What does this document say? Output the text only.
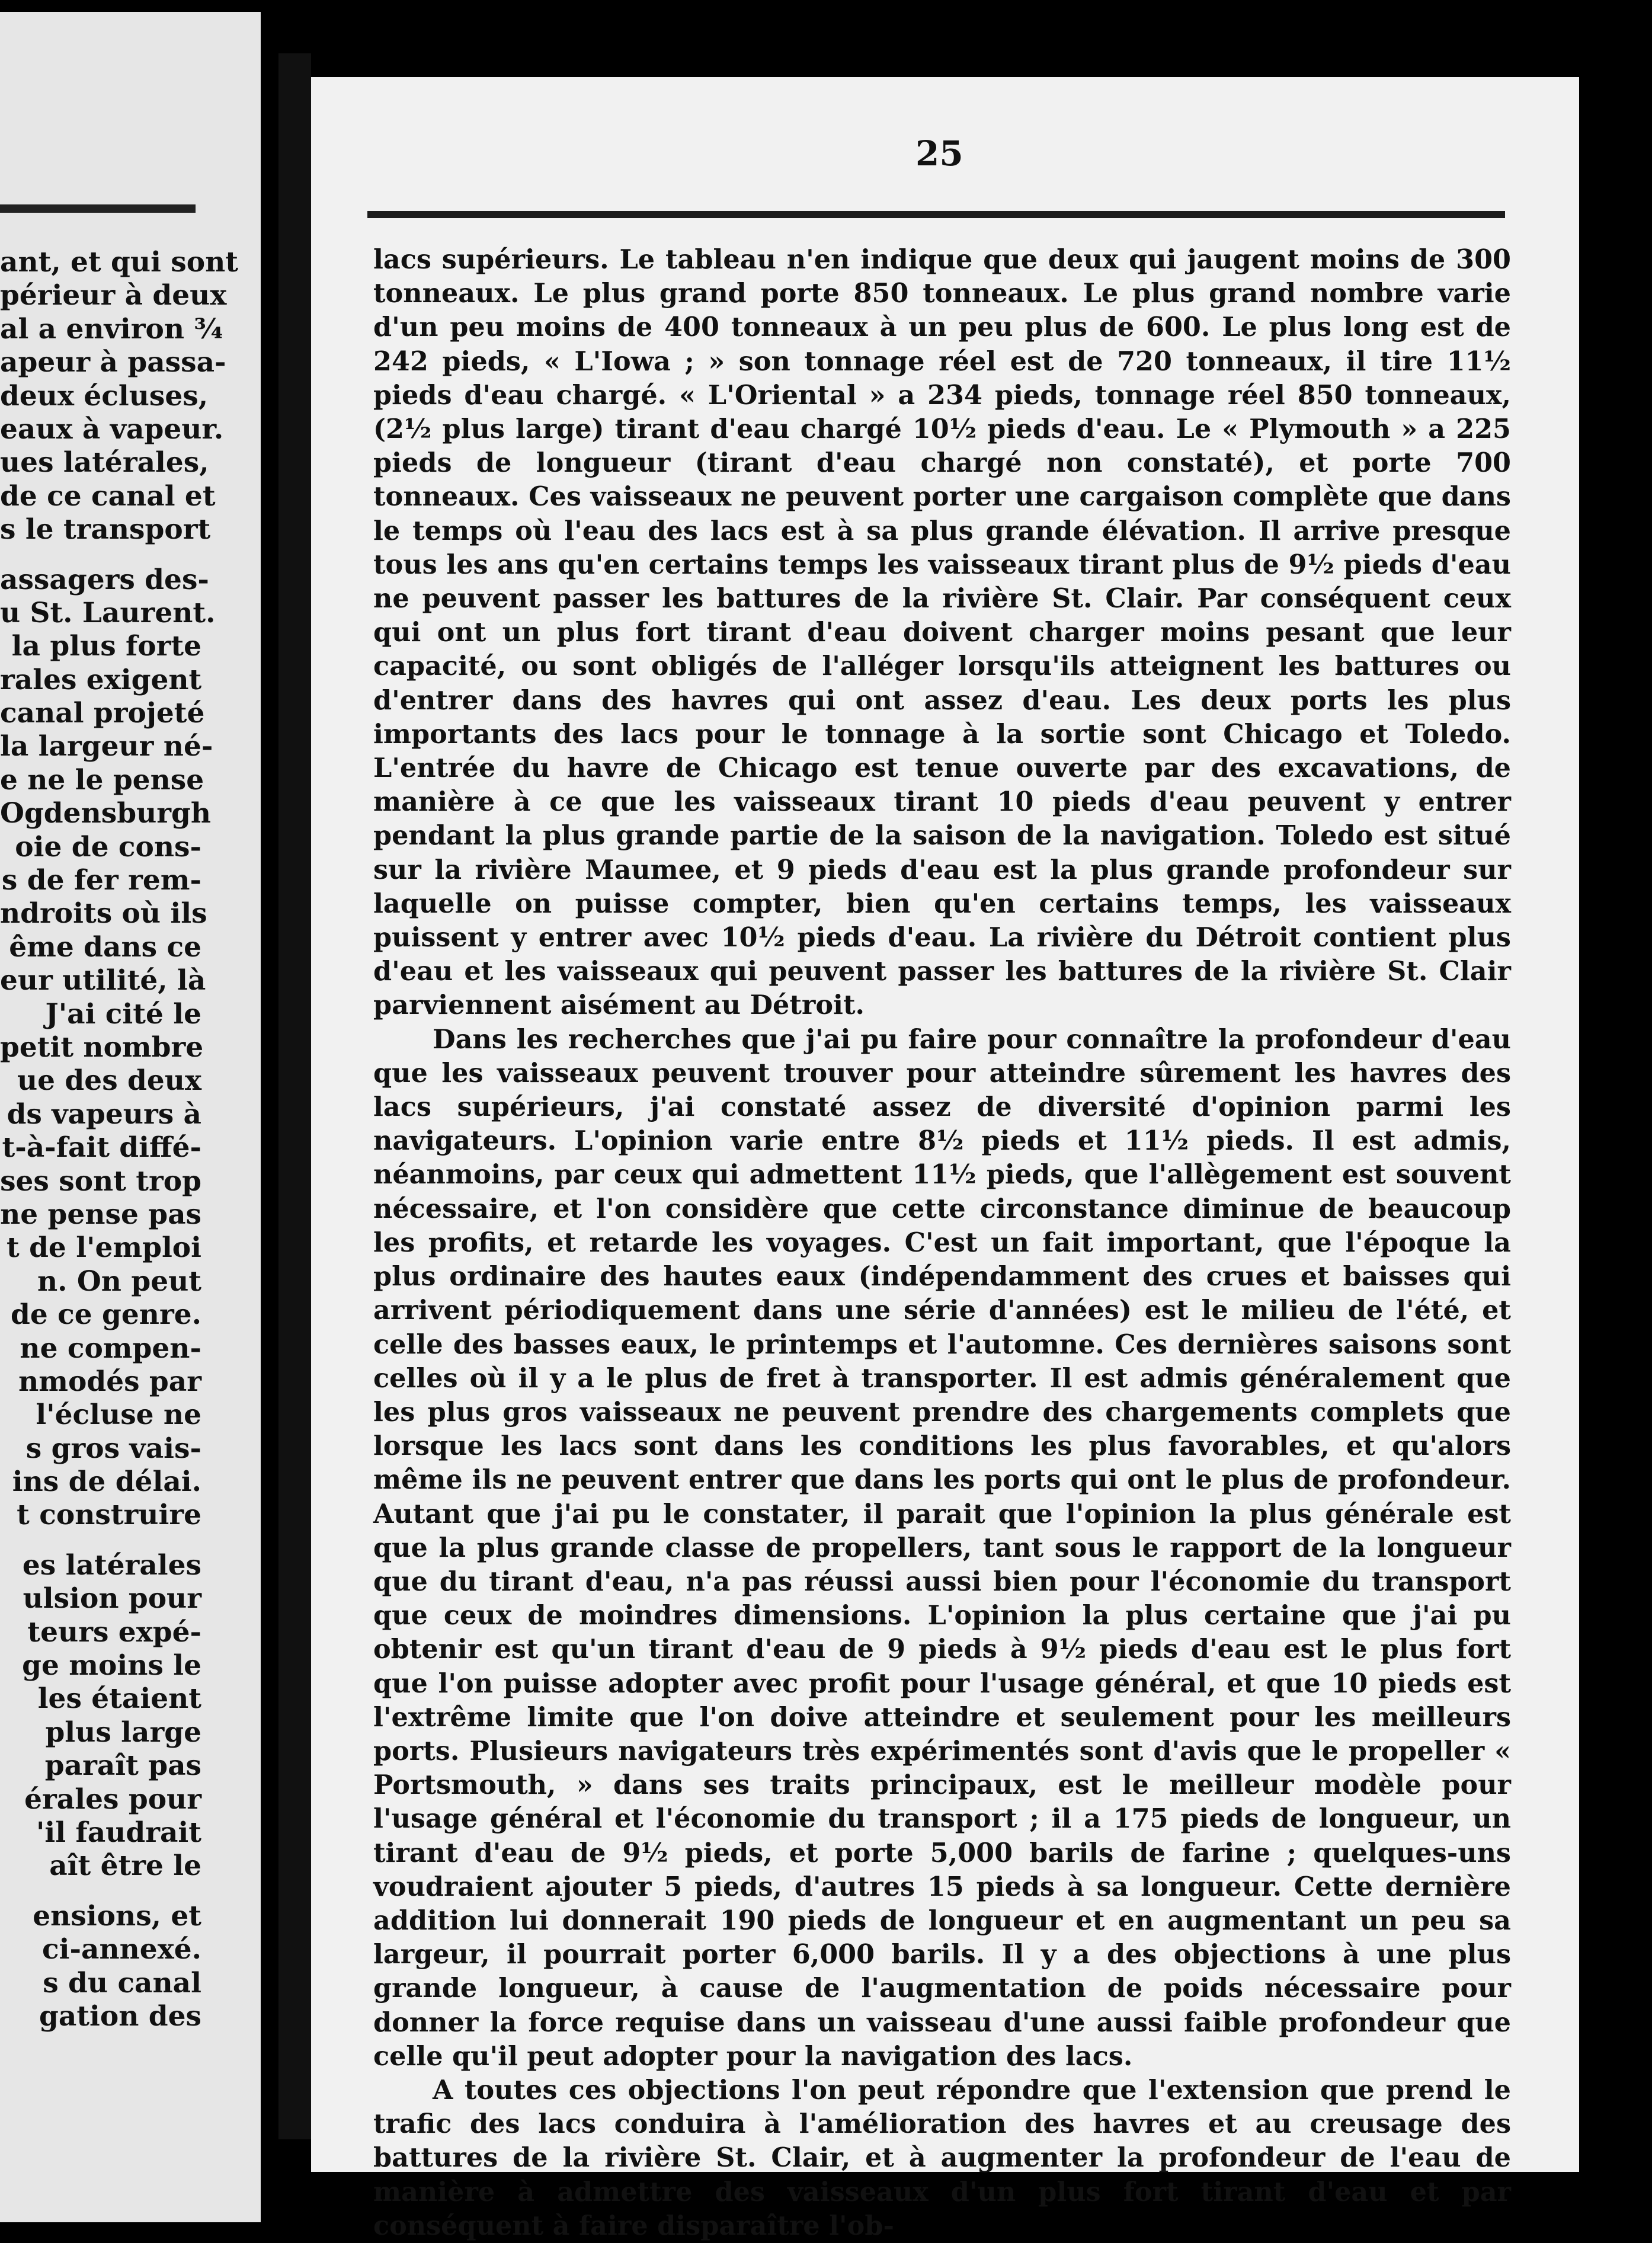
ant, et qui sont
périeur à deux
al a environ ¾
apeur à passa-
deux écluses,
eaux à vapeur.
ues latérales,
de ce canal et
s le transport
assagers des-
u St. Laurent.
la plus forte
rales exigent
canal projeté
la largeur né-
e ne le pense
Ogdensburgh
oie de cons-
s de fer rem-
ndroits où ils
ême dans ce
eur utilité, là
J'ai cité le
petit nombre
ue des deux
ds vapeurs à
t-à-fait diffé-
ses sont trop
ne pense pas
t de l'emploi
n. On peut
de ce genre.
ne compen-
nmodés par
l'écluse ne
s gros vais-
ins de délai.
t construire
es latérales
ulsion pour
teurs expé-
ge moins le
les étaient
plus large
paraît pas
érales pour
'il faudrait
aît être le
ensions, et
ci-annexé.
s du canal
gation des
25

lacs supérieurs. Le tableau n'en indique que deux qui jaugent moins de 300 tonneaux. Le plus grand porte 850 tonneaux. Le plus grand nombre varie d'un peu moins de 400 tonneaux à un peu plus de 600. Le plus long est de 242 pieds, « L'Iowa ; » son tonnage réel est de 720 tonneaux, il tire 11½ pieds d'eau chargé. « L'Oriental » a 234 pieds, tonnage réel 850 tonneaux, (2½ plus large) tirant d'eau chargé 10½ pieds d'eau. Le « Plymouth » a 225 pieds de longueur (tirant d'eau chargé non constaté), et porte 700 tonneaux. Ces vaisseaux ne peuvent porter une cargaison complète que dans le temps où l'eau des lacs est à sa plus grande élévation. Il arrive presque tous les ans qu'en certains temps les vaisseaux tirant plus de 9½ pieds d'eau ne peuvent passer les battures de la rivière St. Clair. Par conséquent ceux qui ont un plus fort tirant d'eau doivent charger moins pesant que leur capacité, ou sont obligés de l'alléger lorsqu'ils atteignent les battures ou d'entrer dans des havres qui ont assez d'eau. Les deux ports les plus importants des lacs pour le tonnage à la sortie sont Chicago et Toledo. L'entrée du havre de Chicago est tenue ouverte par des excavations, de manière à ce que les vaisseaux tirant 10 pieds d'eau peuvent y entrer pendant la plus grande partie de la saison de la navigation. Toledo est situé sur la rivière Maumee, et 9 pieds d'eau est la plus grande profondeur sur laquelle on puisse compter, bien qu'en certains temps, les vaisseaux puissent y entrer avec 10½ pieds d'eau. La rivière du Détroit contient plus d'eau et les vaisseaux qui peuvent passer les battures de la rivière St. Clair parviennent aisément au Détroit.

Dans les recherches que j'ai pu faire pour connaître la profondeur d'eau que les vaisseaux peuvent trouver pour atteindre sûrement les havres des lacs supérieurs, j'ai constaté assez de diversité d'opinion parmi les navigateurs. L'opinion varie entre 8½ pieds et 11½ pieds. Il est admis, néanmoins, par ceux qui admettent 11½ pieds, que l'allègement est souvent nécessaire, et l'on considère que cette circonstance diminue de beaucoup les profits, et retarde les voyages. C'est un fait important, que l'époque la plus ordinaire des hautes eaux (indépendamment des crues et baisses qui arrivent périodiquement dans une série d'années) est le milieu de l'été, et celle des basses eaux, le printemps et l'automne. Ces dernières saisons sont celles où il y a le plus de fret à transporter. Il est admis généralement que les plus gros vaisseaux ne peuvent prendre des chargements complets que lorsque les lacs sont dans les conditions les plus favorables, et qu'alors même ils ne peuvent entrer que dans les ports qui ont le plus de profondeur. Autant que j'ai pu le constater, il parait que l'opinion la plus générale est que la plus grande classe de propellers, tant sous le rapport de la longueur que du tirant d'eau, n'a pas réussi aussi bien pour l'économie du transport que ceux de moindres dimensions. L'opinion la plus certaine que j'ai pu obtenir est qu'un tirant d'eau de 9 pieds à 9½ pieds d'eau est le plus fort que l'on puisse adopter avec profit pour l'usage général, et que 10 pieds est l'extrême limite que l'on doive atteindre et seulement pour les meilleurs ports. Plusieurs navigateurs très expérimentés sont d'avis que le propeller « Portsmouth, » dans ses traits principaux, est le meilleur modèle pour l'usage général et l'économie du transport ; il a 175 pieds de longueur, un tirant d'eau de 9½ pieds, et porte 5,000 barils de farine ; quelques-uns voudraient ajouter 5 pieds, d'autres 15 pieds à sa longueur. Cette dernière addition lui donnerait 190 pieds de longueur et en augmentant un peu sa largeur, il pourrait porter 6,000 barils. Il y a des objections à une plus grande longueur, à cause de l'augmentation de poids nécessaire pour donner la force requise dans un vaisseau d'une aussi faible profondeur que celle qu'il peut adopter pour la navigation des lacs.

A toutes ces objections l'on peut répondre que l'extension que prend le trafic des lacs conduira à l'amélioration des havres et au creusage des battures de la rivière St. Clair, et à augmenter la profondeur de l'eau de manière à admettre des vaisseaux d'un plus fort tirant d'eau et par conséquent à faire disparaître l'ob-
